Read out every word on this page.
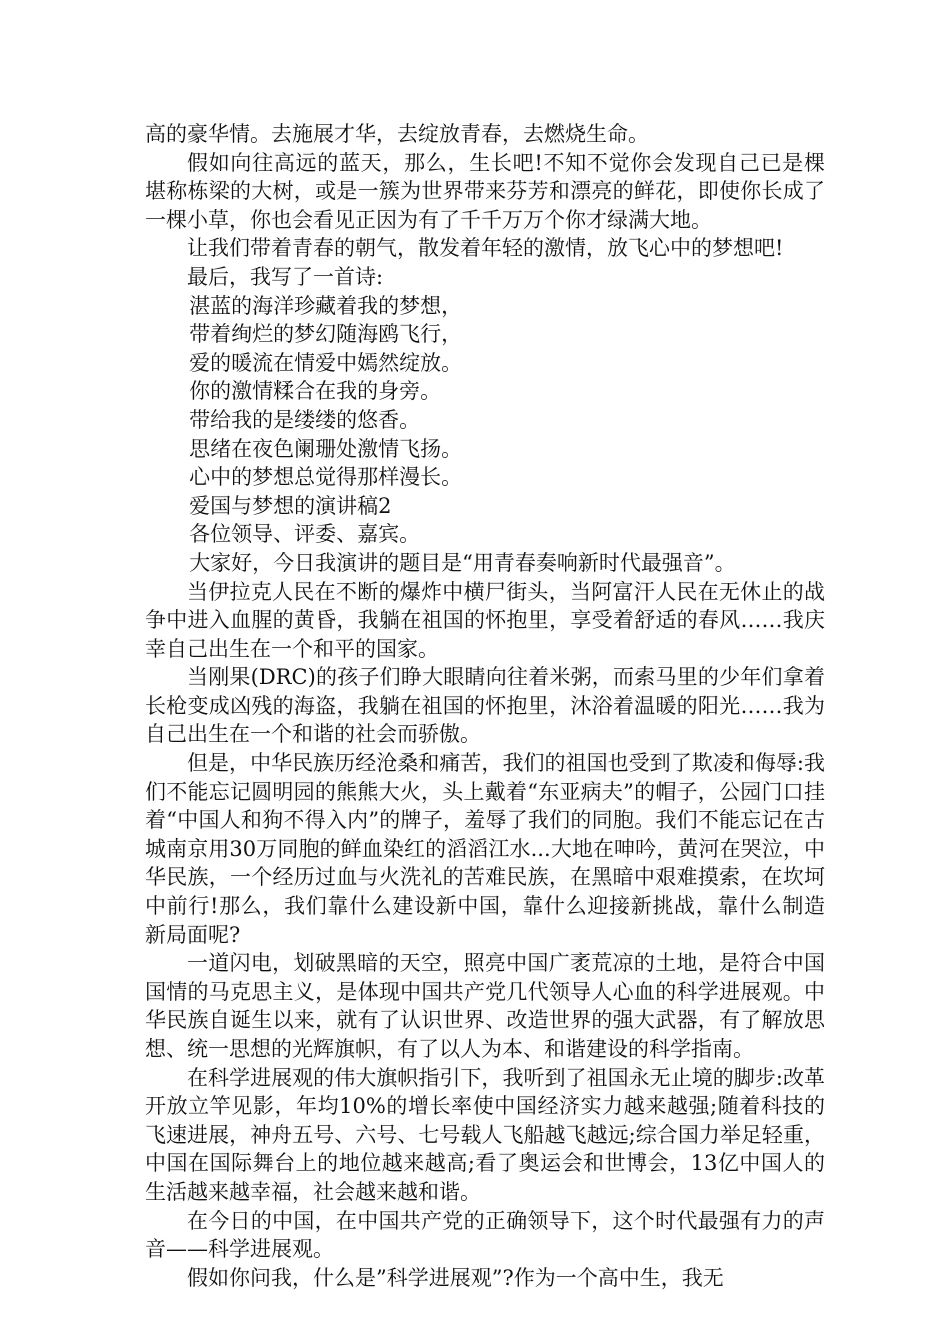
高的豪华情。去施展才华，去绽放青春，去燃烧生命。

假如向往高远的蓝天，那么，生长吧!不知不觉你会发现自己已是棵堪称栋梁的大树，或是一簇为世界带来芬芳和漂亮的鲜花，即使你长成了一棵小草，你也会看见正因为有了千千万万个你才绿满大地。

让我们带着青春的朝气，散发着年轻的激情，放飞心中的梦想吧!

最后，我写了一首诗:

湛蓝的海洋珍藏着我的梦想，

带着绚烂的梦幻随海鸥飞行，

爱的暖流在情爱中嫣然绽放。

你的激情糅合在我的身旁。

带给我的是缕缕的悠香。

思绪在夜色阑珊处激情飞扬。

心中的梦想总觉得那样漫长。

爱国与梦想的演讲稿2

各位领导、评委、嘉宾。

大家好，今日我演讲的题目是“用青春奏响新时代最强音”。

当伊拉克人民在不断的爆炸中横尸街头，当阿富汗人民在无休止的战争中进入血腥的黄昏，我躺在祖国的怀抱里，享受着舒适的春风……我庆幸自己出生在一个和平的国家。

当刚果(DRC)的孩子们睁大眼睛向往着米粥，而索马里的少年们拿着长枪变成凶残的海盗，我躺在祖国的怀抱里，沐浴着温暖的阳光……我为自己出生在一个和谐的社会而骄傲。

但是，中华民族历经沧桑和痛苦，我们的祖国也受到了欺凌和侮辱:我们不能忘记圆明园的熊熊大火，头上戴着“东亚病夫”的帽子，公园门口挂着“中国人和狗不得入内”的牌子，羞辱了我们的同胞。我们不能忘记在古城南京用30万同胞的鲜血染红的滔滔江水...大地在呻吟，黄河在哭泣，中华民族，一个经历过血与火洗礼的苦难民族，在黑暗中艰难摸索，在坎坷中前行!那么，我们靠什么建设新中国，靠什么迎接新挑战，靠什么制造新局面呢?

一道闪电，划破黑暗的天空，照亮中国广袤荒凉的土地，是符合中国国情的马克思主义，是体现中国共产党几代领导人心血的科学进展观。中华民族自诞生以来，就有了认识世界、改造世界的强大武器，有了解放思想、统一思想的光辉旗帜，有了以人为本、和谐建设的科学指南。

在科学进展观的伟大旗帜指引下，我听到了祖国永无止境的脚步:改革开放立竿见影，年均10%的增长率使中国经济实力越来越强;随着科技的飞速进展，神舟五号、六号、七号载人飞船越飞越远;综合国力举足轻重，中国在国际舞台上的地位越来越高;看了奥运会和世博会，13亿中国人的生活越来越幸福，社会越来越和谐。

在今日的中国，在中国共产党的正确领导下，这个时代最强有力的声音——科学进展观。

假如你问我，什么是”科学进展观”?作为一个高中生，我无
